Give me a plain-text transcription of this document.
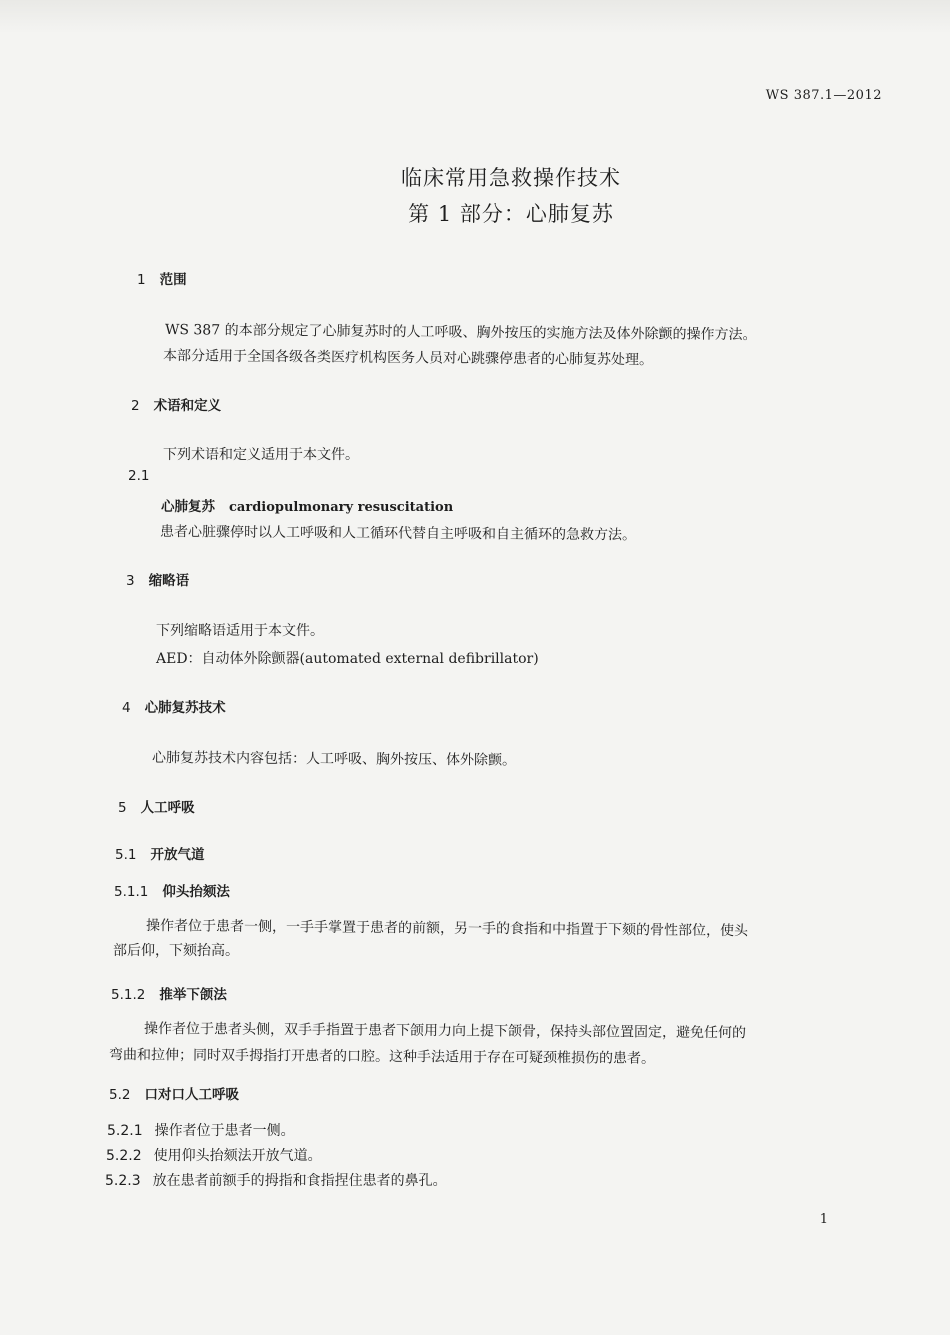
WS 387.1—2012
临床常用急救操作技术
第 1 部分：心肺复苏
1 范围
WS 387 的本部分规定了心肺复苏时的人工呼吸、胸外按压的实施方法及体外除颤的操作方法。
本部分适用于全国各级各类医疗机构医务人员对心跳骤停患者的心肺复苏处理。
2 术语和定义
下列术语和定义适用于本文件。
2.1
心肺复苏 cardiopulmonary resuscitation
患者心脏骤停时以人工呼吸和人工循环代替自主呼吸和自主循环的急救方法。
3 缩略语
下列缩略语适用于本文件。
AED：自动体外除颤器(automated external defibrillator)
4 心肺复苏技术
心肺复苏技术内容包括：人工呼吸、胸外按压、体外除颤。
5 人工呼吸
5.1 开放气道
5.1.1 仰头抬颏法
操作者位于患者一侧，一手手掌置于患者的前额，另一手的食指和中指置于下颏的骨性部位，使头
部后仰，下颏抬高。
5.1.2 推举下颌法
操作者位于患者头侧，双手手指置于患者下颌用力向上提下颌骨，保持头部位置固定，避免任何的
弯曲和拉伸；同时双手拇指打开患者的口腔。这种手法适用于存在可疑颈椎损伤的患者。
5.2 口对口人工呼吸
5.2.1 操作者位于患者一侧。
5.2.2 使用仰头抬颏法开放气道。
5.2.3 放在患者前额手的拇指和食指捏住患者的鼻孔。
1
